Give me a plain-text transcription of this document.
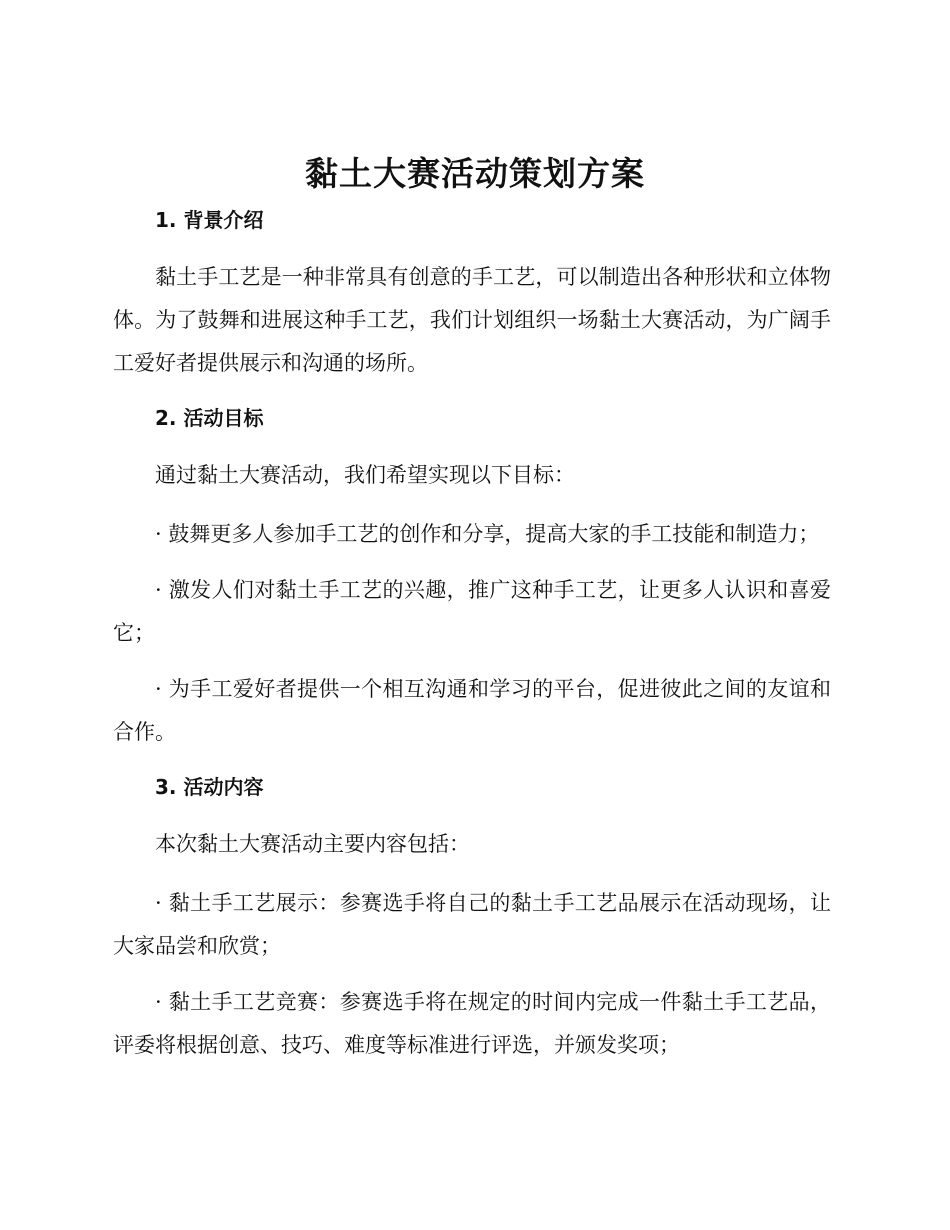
黏土大赛活动策划方案
1. 背景介绍

黏土手工艺是一种非常具有创意的手工艺，可以制造出各种形状和立体物体。为了鼓舞和进展这种手工艺，我们计划组织一场黏土大赛活动，为广阔手工爱好者提供展示和沟通的场所。

2. 活动目标

通过黏土大赛活动，我们希望实现以下目标：

· 鼓舞更多人参加手工艺的创作和分享，提高大家的手工技能和制造力；

· 激发人们对黏土手工艺的兴趣，推广这种手工艺，让更多人认识和喜爱它；

· 为手工爱好者提供一个相互沟通和学习的平台，促进彼此之间的友谊和合作。

3. 活动内容

本次黏土大赛活动主要内容包括：

· 黏土手工艺展示：参赛选手将自己的黏土手工艺品展示在活动现场，让大家品尝和欣赏；

· 黏土手工艺竞赛：参赛选手将在规定的时间内完成一件黏土手工艺品，评委将根据创意、技巧、难度等标准进行评选，并颁发奖项；
